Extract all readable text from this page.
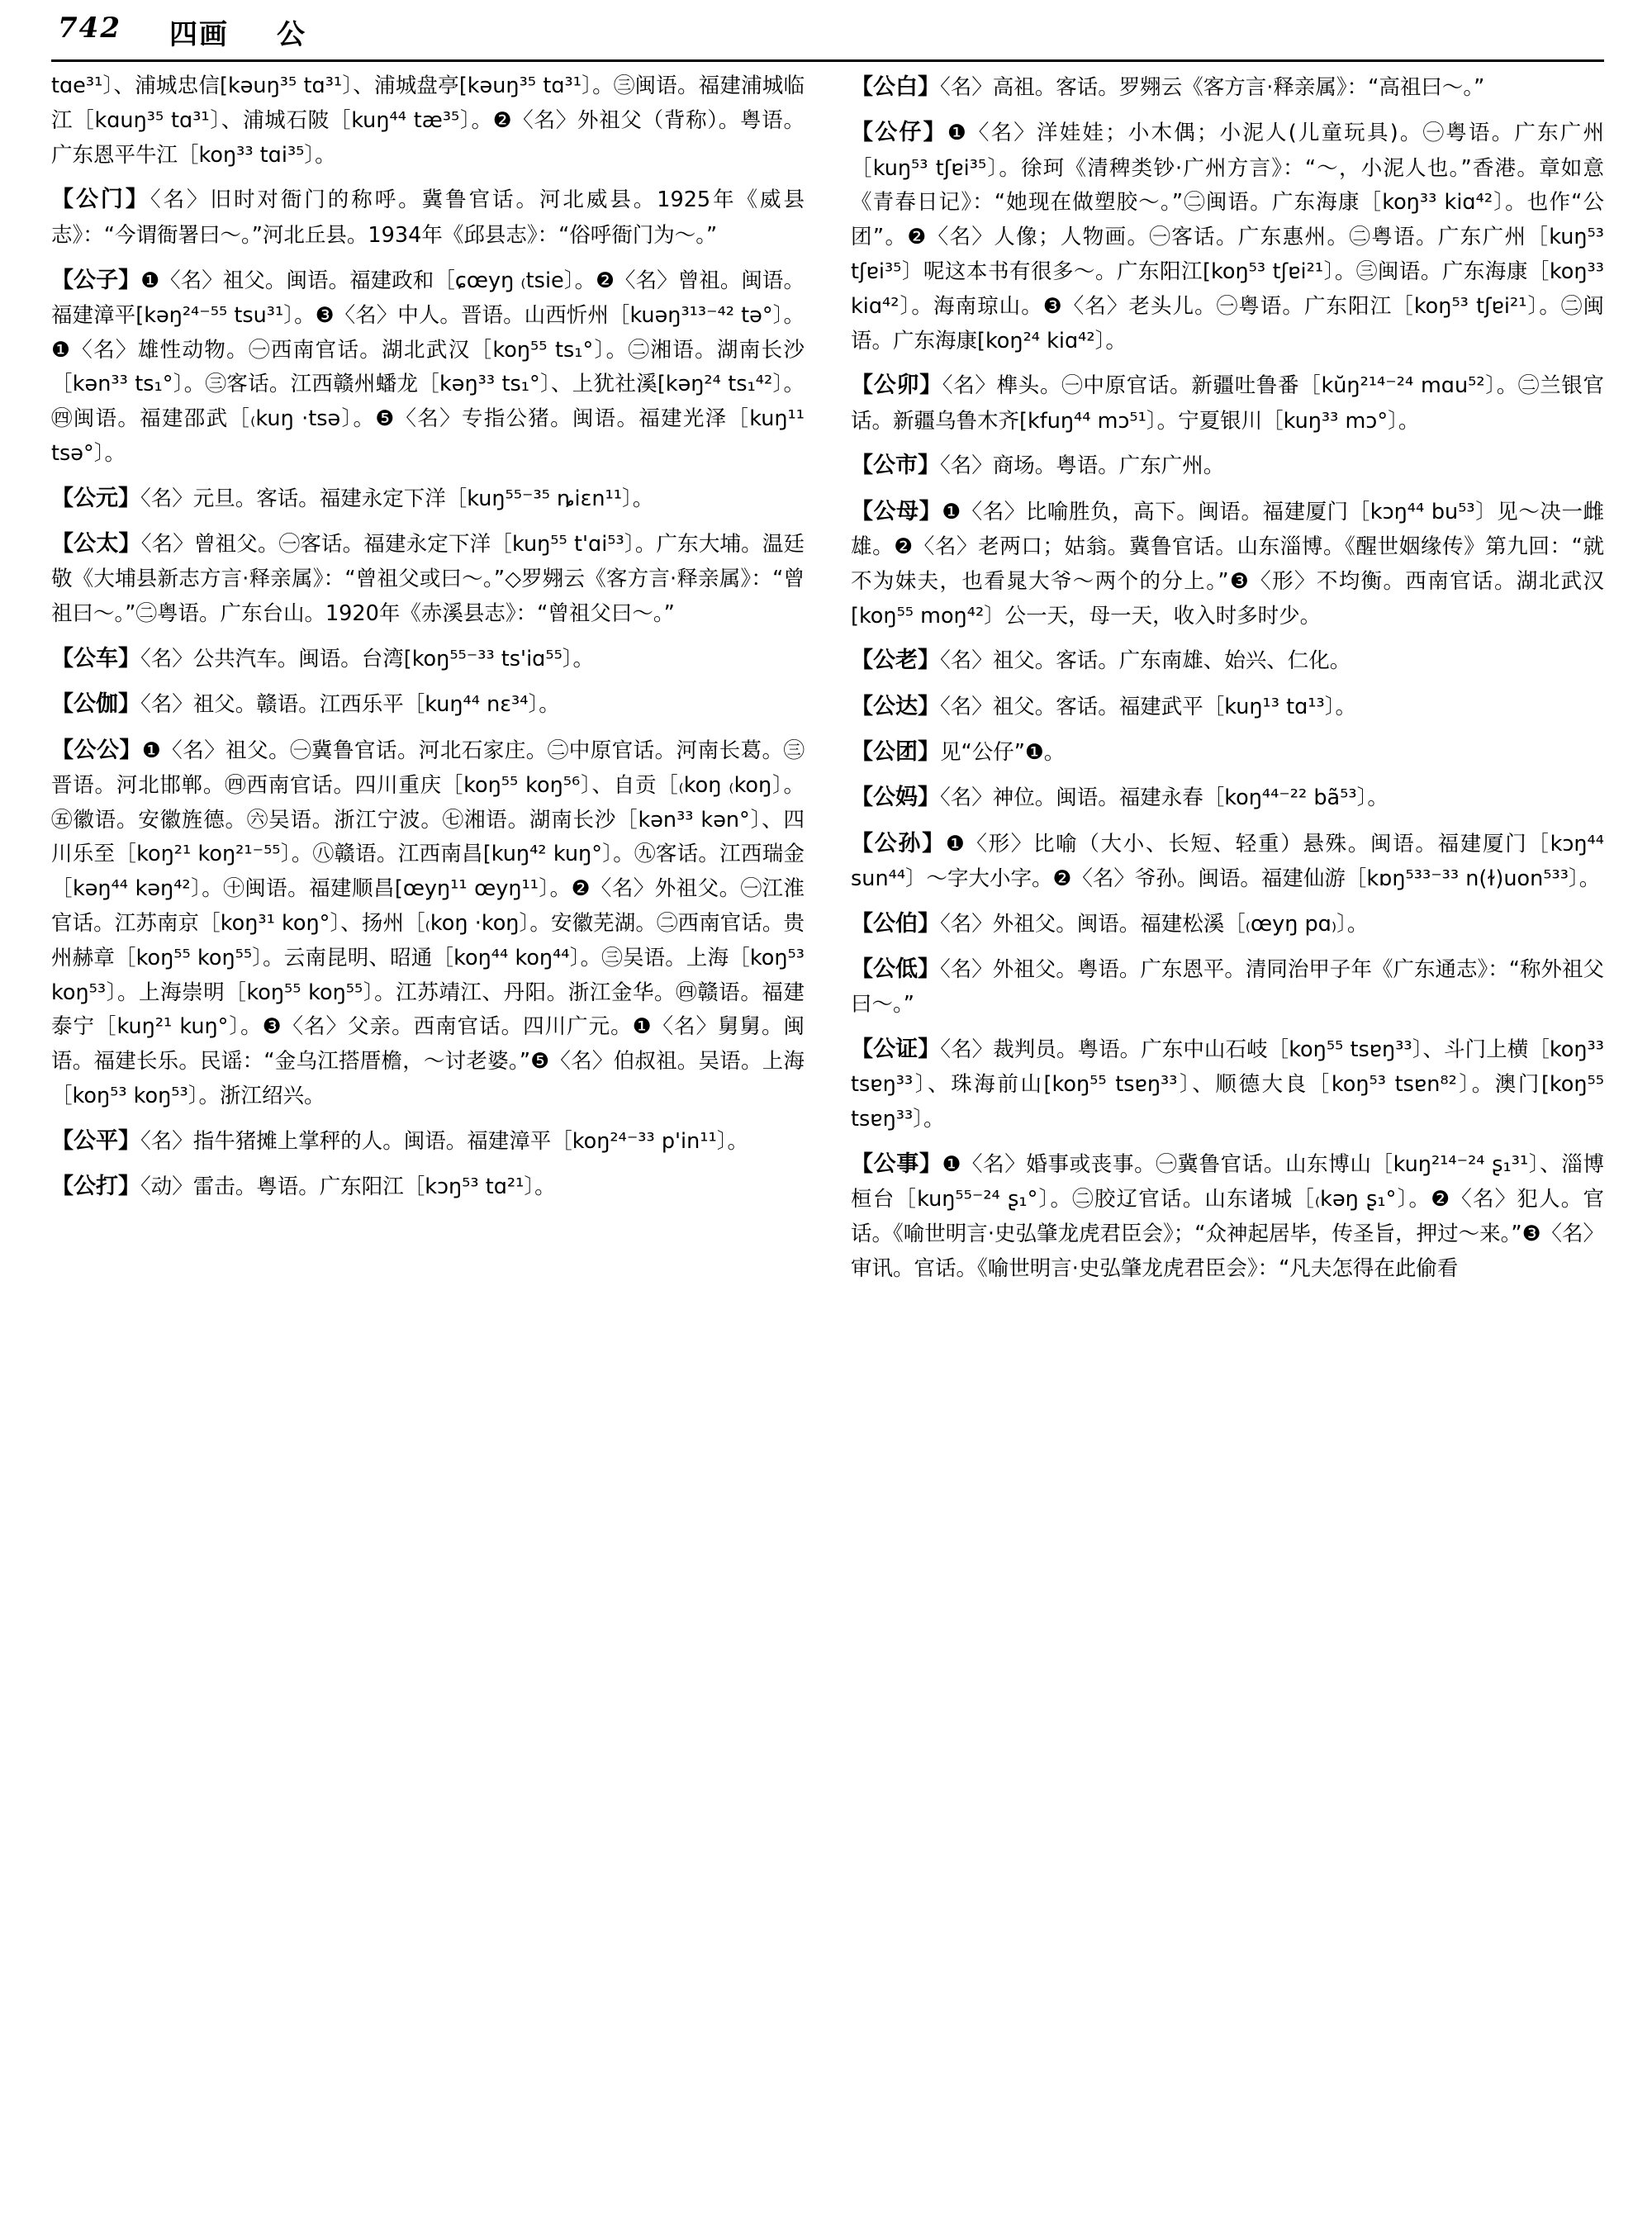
742 四画 公
tɑe³¹〕、浦城忠信[kəuŋ³⁵ tɑ³¹〕、浦城盘亭[kəuŋ³⁵ tɑ³¹〕。㊂闽语。福建浦城临江［kɑuŋ³⁵ tɑ³¹〕、浦城石陂［kuŋ⁴⁴ tæ³⁵〕。❷〈名〉外祖父（背称）。粤语。广东恩平牛江［koŋ³³ tɑi³⁵〕。
【公门】〈名〉旧时对衙门的称呼。冀鲁官话。河北威县。1925年《威县志》：“今谓衙署曰～。”河北丘县。1934年《邱县志》：“俗呼衙门为～。”
【公子】❶〈名〉祖父。闽语。福建政和［ɕœyŋ ₍tsie〕。❷〈名〉曾祖。闽语。福建漳平[kəŋ²⁴⁻⁵⁵ tsu³¹〕。❸〈名〉中人。晋语。山西忻州［kuəŋ³¹³⁻⁴² tə°〕。❶〈名〉雄性动物。㊀西南官话。湖北武汉［koŋ⁵⁵ ts₁°〕。㊁湘语。湖南长沙［kən³³ ts₁°〕。㊂客话。江西赣州蟠龙［kəŋ³³ ts₁°〕、上犹社溪[kəŋ²⁴ ts₁⁴²〕。㊃闽语。福建邵武［₍kuŋ ·tsə〕。❺〈名〉专指公猪。闽语。福建光泽［kuŋ¹¹ tsə°〕。
【公元】〈名〉元旦。客话。福建永定下洋［kuŋ⁵⁵⁻³⁵ ȵiɛn¹¹〕。
【公太】〈名〉曾祖父。㊀客话。福建永定下洋［kuŋ⁵⁵ t'ɑi⁵³〕。广东大埔。温廷敬《大埔县新志方言·释亲属》：“曾祖父或曰～。”◇罗翙云《客方言·释亲属》：“曾祖曰～。”㊁粤语。广东台山。1920年《赤溪县志》：“曾祖父曰～。”
【公车】〈名〉公共汽车。闽语。台湾[koŋ⁵⁵⁻³³ ts'iɑ⁵⁵〕。
【公伽】〈名〉祖父。赣语。江西乐平［kuŋ⁴⁴ nɛ³⁴〕。
【公公】❶〈名〉祖父。㊀冀鲁官话。河北石家庄。㊁中原官话。河南长葛。㊂晋语。河北邯郸。㊃西南官话。四川重庆［koŋ⁵⁵ koŋ⁵⁶〕、自贡［₍koŋ ₍koŋ〕。㊄徽语。安徽旌德。㊅吴语。浙江宁波。㊆湘语。湖南长沙［kən³³ kən°〕、四川乐至［koŋ²¹ koŋ²¹⁻⁵⁵〕。㊇赣语。江西南昌[kuŋ⁴² kuŋ°〕。㊈客话。江西瑞金［kəŋ⁴⁴ kəŋ⁴²〕。㊉闽语。福建顺昌[œyŋ¹¹ œyŋ¹¹〕。❷〈名〉外祖父。㊀江淮官话。江苏南京［koŋ³¹ koŋ°〕、扬州［₍koŋ ·koŋ〕。安徽芜湖。㊁西南官话。贵州赫章［koŋ⁵⁵ koŋ⁵⁵〕。云南昆明、昭通［koŋ⁴⁴ koŋ⁴⁴〕。㊂吴语。上海［koŋ⁵³ koŋ⁵³〕。上海崇明［koŋ⁵⁵ koŋ⁵⁵〕。江苏靖江、丹阳。浙江金华。㊃赣语。福建泰宁［kuŋ²¹ kuŋ°〕。❸〈名〉父亲。西南官话。四川广元。❶〈名〉舅舅。闽语。福建长乐。民谣：“金乌江搭厝檐，～讨老婆。”❺〈名〉伯叔祖。吴语。上海［koŋ⁵³ koŋ⁵³〕。浙江绍兴。
【公平】〈名〉指牛猪摊上掌秤的人。闽语。福建漳平［koŋ²⁴⁻³³ p'in¹¹〕。
【公打】〈动〉雷击。粤语。广东阳江［kɔŋ⁵³ tɑ²¹〕。
【公白】〈名〉高祖。客话。罗翙云《客方言·释亲属》：“高祖曰～。”
【公仔】❶〈名〉洋娃娃；小木偶；小泥人(儿童玩具)。㊀粤语。广东广州［kuŋ⁵³ tʃɐi³⁵〕。徐珂《清稗类钞·广州方言》：“～，小泥人也。”香港。章如意《青春日记》：“她现在做塑胶～。”㊁闽语。广东海康［koŋ³³ kiɑ⁴²〕。也作“公团”。❷〈名〉人像；人物画。㊀客话。广东惠州。㊁粤语。广东广州［kuŋ⁵³ tʃɐi³⁵〕呢这本书有很多～。广东阳江[koŋ⁵³ tʃɐi²¹〕。㊂闽语。广东海康［koŋ³³ kiɑ⁴²〕。海南琼山。❸〈名〉老头儿。㊀粤语。广东阳江［koŋ⁵³ tʃɐi²¹〕。㊁闽语。广东海康[koŋ²⁴ kiɑ⁴²〕。
【公卯】〈名〉榫头。㊀中原官话。新疆吐鲁番［kŭŋ²¹⁴⁻²⁴ mɑu⁵²〕。㊁兰银官话。新疆乌鲁木齐[kfuŋ⁴⁴ mɔ⁵¹〕。宁夏银川［kuŋ³³ mɔ°〕。
【公市】〈名〉商场。粤语。广东广州。
【公母】❶〈名〉比喻胜负，高下。闽语。福建厦门［kɔŋ⁴⁴ bu⁵³〕见～决一雌雄。❷〈名〉老两口；姑翁。冀鲁官话。山东淄博。《醒世姻缘传》第九回：“就不为妹夫，也看晁大爷～两个的分上。”❸〈形〉不均衡。西南官话。湖北武汉[koŋ⁵⁵ moŋ⁴²〕公一天，母一天，收入时多时少。
【公老】〈名〉祖父。客话。广东南雄、始兴、仁化。
【公达】〈名〉祖父。客话。福建武平［kuŋ¹³ tɑ¹³〕。
【公团】见“公仔”❶。
【公妈】〈名〉神位。闽语。福建永春［koŋ⁴⁴⁻²² bã⁵³〕。
【公孙】❶〈形〉比喻（大小、长短、轻重）悬殊。闽语。福建厦门［kɔŋ⁴⁴ sun⁴⁴〕～字大小字。❷〈名〉爷孙。闽语。福建仙游［kɒŋ⁵³³⁻³³ n(ɫ)uon⁵³³〕。
【公伯】〈名〉外祖父。闽语。福建松溪［₍œyŋ pɑ₎〕。
【公低】〈名〉外祖父。粤语。广东恩平。清同治甲子年《广东通志》：“称外祖父曰～。”
【公证】〈名〉裁判员。粤语。广东中山石岐［koŋ⁵⁵ tsɐŋ³³〕、斗门上横［koŋ³³ tsɐŋ³³〕、珠海前山[koŋ⁵⁵ tsɐŋ³³〕、顺德大良［koŋ⁵³ tsɐn⁸²〕。澳门[koŋ⁵⁵ tsɐŋ³³〕。
【公事】❶〈名〉婚事或丧事。㊀冀鲁官话。山东博山［kuŋ²¹⁴⁻²⁴ ʂ₁³¹〕、淄博桓台［kuŋ⁵⁵⁻²⁴ ʂ₁°〕。㊁胶辽官话。山东诸城［₍kəŋ ʂ₁°〕。❷〈名〉犯人。官话。《喻世明言·史弘肇龙虎君臣会》；“众神起居毕，传圣旨，押过～来。”❸〈名〉审讯。官话。《喻世明言·史弘肇龙虎君臣会》：“凡夫怎得在此偷看
